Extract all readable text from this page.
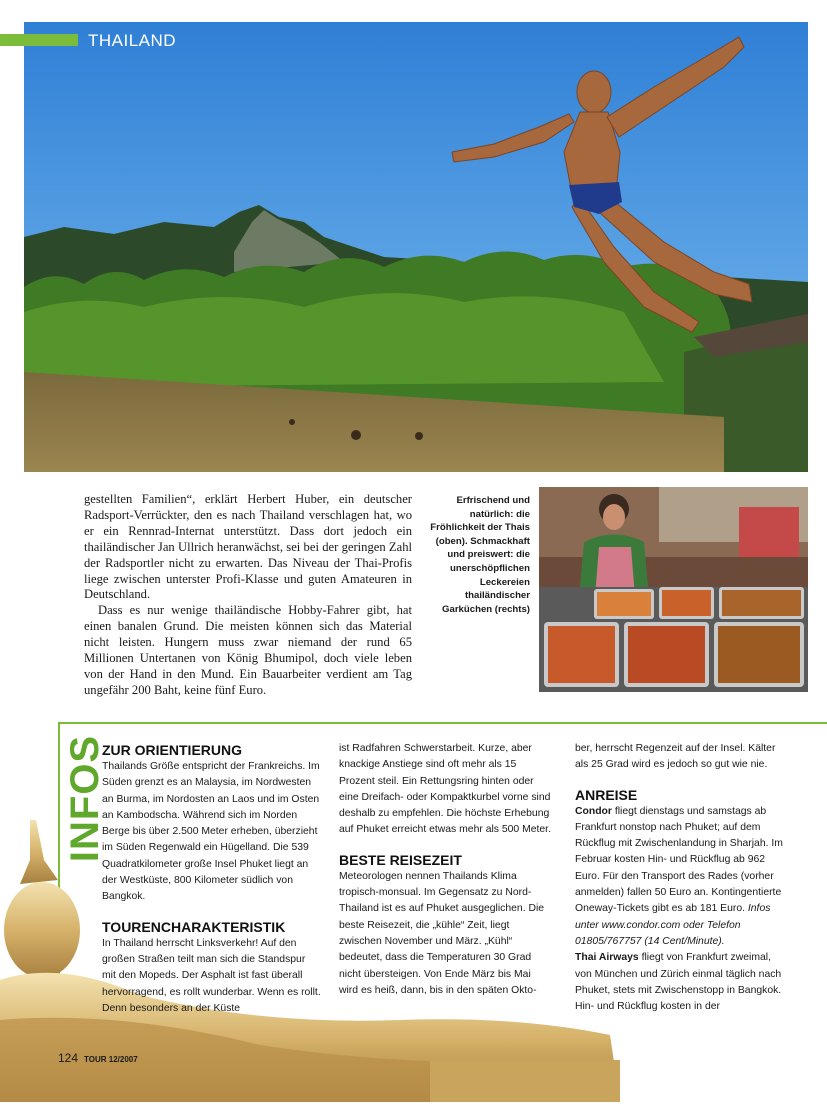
THAILAND

gestellten Familien“, erklärt Herbert Huber, ein deutscher Radsport-Verrückter, den es nach Thailand verschlagen hat, wo er ein Rennrad-Internat unterstützt. Dass dort jedoch ein thailändischer Jan Ullrich heranwächst, sei bei der geringen Zahl der Radsportler nicht zu erwarten. Das Niveau der Thai-Profis liege zwischen unterster Profi-Klasse und guten Amateuren in Deutschland.

Dass es nur wenige thailändische Hobby-Fahrer gibt, hat einen banalen Grund. Die meisten können sich das Material nicht leisten. Hungern muss zwar niemand der rund 65 Millionen Untertanen von König Bhumipol, doch viele leben von der Hand in den Mund. Ein Bauarbeiter verdient am Tag ungefähr 200 Baht, keine fünf Euro.

Erfrischend und natürlich: die Fröhlichkeit der Thais (oben). Schmackhaft und preiswert: die unerschöpflichen Leckereien thailändischer Garküchen (rechts)
INFOS
ZUR ORIENTIERUNG

Thailands Größe entspricht der Frankreichs. Im Süden grenzt es an Malaysia, im Nordwesten an Burma, im Nordosten an Laos und im Osten an Kambodscha. Während sich im Norden Berge bis über 2.500 Meter erheben, überzieht im Süden Regenwald ein Hügelland. Die 539 Quadratkilometer große Insel Phuket liegt an der Westküste, 800 Kilometer südlich von Bangkok.

TOURENCHARAKTERISTIK

In Thailand herrscht Linksverkehr! Auf den großen Straßen teilt man sich die Standspur mit den Mopeds. Der Asphalt ist fast überall hervorragend, es rollt wunderbar. Wenn es rollt. Denn besonders an der Küste

ist Radfahren Schwerstarbeit. Kurze, aber knackige Anstiege sind oft mehr als 15 Prozent steil. Ein Rettungsring hinten oder eine Dreifach- oder Kompaktkurbel vorne sind deshalb zu empfehlen. Die höchste Erhebung auf Phuket erreicht etwas mehr als 500 Meter.

BESTE REISEZEIT

Meteorologen nennen Thailands Klima tropisch-monsual. Im Gegensatz zu Nord-Thailand ist es auf Phuket ausgeglichen. Die beste Reisezeit, die „kühle“ Zeit, liegt zwischen November und März. „Kühl“ bedeutet, dass die Temperaturen 30 Grad nicht übersteigen. Von Ende März bis Mai wird es heiß, dann, bis in den späten Okto-

ber, herrscht Regenzeit auf der Insel. Kälter als 25 Grad wird es jedoch so gut wie nie.

ANREISE

Condor fliegt dienstags und samstags ab Frankfurt nonstop nach Phuket; auf dem Rückflug mit Zwischenlandung in Sharjah. Im Februar kosten Hin- und Rückflug ab 962 Euro. Für den Transport des Rades (vorher anmelden) fallen 50 Euro an. Kontingentierte Oneway-Tickets gibt es ab 181 Euro. Infos unter www.condor.com oder Telefon 01805/767757 (14 Cent/Minute).

Thai Airways fliegt von Frankfurt zweimal, von München und Zürich einmal täglich nach Phuket, stets mit Zwischenstopp in Bangkok. Hin- und Rückflug kosten in der

124 TOUR 12/2007
